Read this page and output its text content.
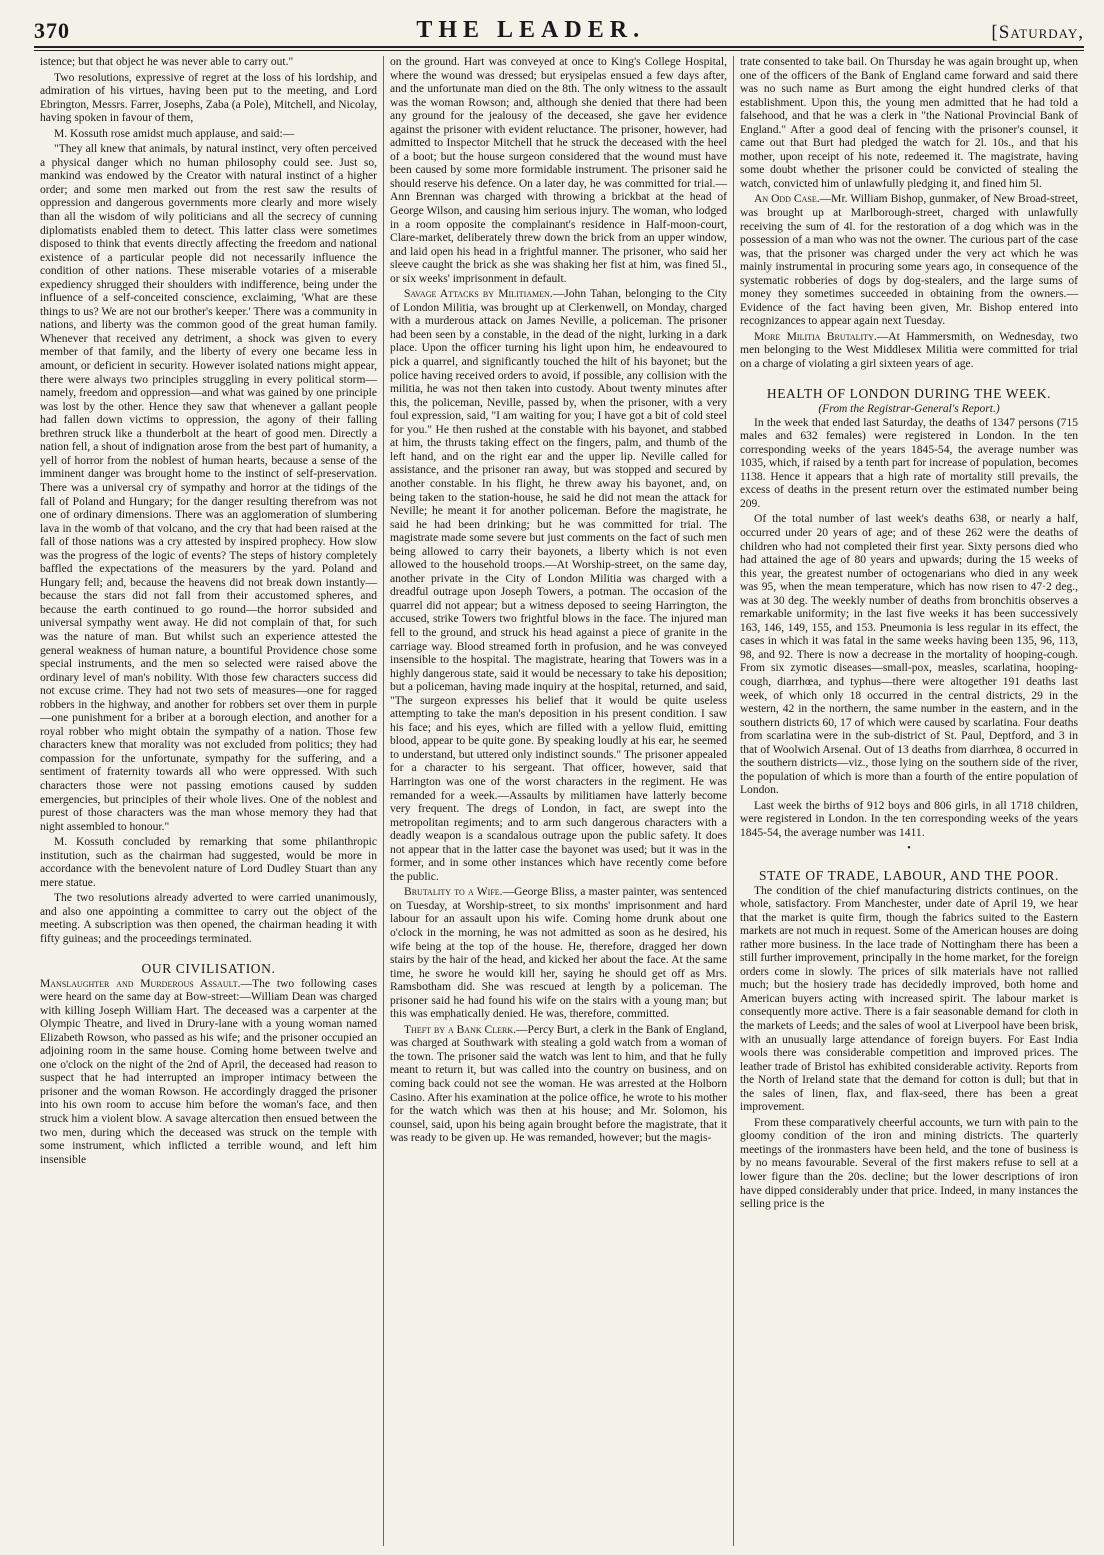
370	THE LEADER.	[Saturday,

istence; but that object he was never able to carry out."

Two resolutions, expressive of regret at the loss of his lordship, and admiration of his virtues, having been put to the meeting, and Lord Ebrington, Messrs. Farrer, Josephs, Zaba (a Pole), Mitchell, and Nicolay, having spoken in favour of them,

M. Kossuth rose amidst much applause, and said:—

"They all knew that animals, by natural instinct, very often perceived a physical danger which no human philosophy could see. Just so, mankind was endowed by the Creator with natural instinct of a higher order; and some men marked out from the rest saw the results of oppression and dangerous governments more clearly and more wisely than all the wisdom of wily politicians and all the secrecy of cunning diplomatists enabled them to detect. This latter class were sometimes disposed to think that events directly affecting the freedom and national existence of a particular people did not necessarily influence the condition of other nations. These miserable votaries of a miserable expediency shrugged their shoulders with indifference, being under the influence of a self-conceited conscience, exclaiming, 'What are these things to us? We are not our brother's keeper.' There was a community in nations, and liberty was the common good of the great human family. Whenever that received any detriment, a shock was given to every member of that family, and the liberty of every one became less in amount, or deficient in security. However isolated nations might appear, there were always two principles struggling in every political storm—namely, freedom and oppression—and what was gained by one principle was lost by the other. Hence they saw that whenever a gallant people had fallen down victims to oppression, the agony of their falling brethren struck like a thunderbolt at the heart of good men. Directly a nation fell, a shout of indignation arose from the best part of humanity, a yell of horror from the noblest of human hearts, because a sense of the imminent danger was brought home to the instinct of self-preservation. There was a universal cry of sympathy and horror at the tidings of the fall of Poland and Hungary; for the danger resulting therefrom was not one of ordinary dimensions. There was an agglomeration of slumbering lava in the womb of that volcano, and the cry that had been raised at the fall of those nations was a cry attested by inspired prophecy. How slow was the progress of the logic of events? The steps of history completely baffled the expectations of the measurers by the yard. Poland and Hungary fell; and, because the heavens did not break down instantly—because the stars did not fall from their accustomed spheres, and because the earth continued to go round—the horror subsided and universal sympathy went away. He did not complain of that, for such was the nature of man. But whilst such an experience attested the general weakness of human nature, a bountiful Providence chose some special instruments, and the men so selected were raised above the ordinary level of man's nobility. With those few characters success did not excuse crime. They had not two sets of measures—one for ragged robbers in the highway, and another for robbers set over them in purple—one punishment for a briber at a borough election, and another for a royal robber who might obtain the sympathy of a nation. Those few characters knew that morality was not excluded from politics; they had compassion for the unfortunate, sympathy for the suffering, and a sentiment of fraternity towards all who were oppressed. With such characters those were not passing emotions caused by sudden emergencies, but principles of their whole lives. One of the noblest and purest of those characters was the man whose memory they had that night assembled to honour."

M. Kossuth concluded by remarking that some philanthropic institution, such as the chairman had suggested, would be more in accordance with the benevolent nature of Lord Dudley Stuart than any mere statue.

The two resolutions already adverted to were carried unanimously, and also one appointing a committee to carry out the object of the meeting. A subscription was then opened, the chairman heading it with fifty guineas; and the proceedings terminated.

OUR CIVILISATION.

Manslaughter and Murderous Assault.—The two following cases were heard on the same day at Bow-street:—William Dean was charged with killing Joseph William Hart. The deceased was a carpenter at the Olympic Theatre, and lived in Drury-lane with a young woman named Elizabeth Rowson, who passed as his wife; and the prisoner occupied an adjoining room in the same house. Coming home between twelve and one o'clock on the night of the 2nd of April, the deceased had reason to suspect that he had interrupted an improper intimacy between the prisoner and the woman Rowson. He accordingly dragged the prisoner into his own room to accuse him before the woman's face, and then struck him a violent blow. A savage altercation then ensued between the two men, during which the deceased was struck on the temple with some instrument, which inflicted a terrible wound, and left him insensible

on the ground. Hart was conveyed at once to King's College Hospital, where the wound was dressed; but erysipelas ensued a few days after, and the unfortunate man died on the 8th. The only witness to the assault was the woman Rowson; and, although she denied that there had been any ground for the jealousy of the deceased, she gave her evidence against the prisoner with evident reluctance. The prisoner, however, had admitted to Inspector Mitchell that he struck the deceased with the heel of a boot; but the house surgeon considered that the wound must have been caused by some more formidable instrument. The prisoner said he should reserve his defence. On a later day, he was committed for trial.—Ann Brennan was charged with throwing a brickbat at the head of George Wilson, and causing him serious injury. The woman, who lodged in a room opposite the complainant's residence in Half-moon-court, Clare-market, deliberately threw down the brick from an upper window, and laid open his head in a frightful manner. The prisoner, who said her sleeve caught the brick as she was shaking her fist at him, was fined 5l., or six weeks' imprisonment in default.

Savage Attacks by Militiamen.—John Tahan, belonging to the City of London Militia, was brought up at Clerkenwell, on Monday, charged with a murderous attack on James Neville, a policeman. The prisoner had been seen by a constable, in the dead of the night, lurking in a dark place. Upon the officer turning his light upon him, he endeavoured to pick a quarrel, and significantly touched the hilt of his bayonet; but the police having received orders to avoid, if possible, any collision with the militia, he was not then taken into custody. About twenty minutes after this, the policeman, Neville, passed by, when the prisoner, with a very foul expression, said, "I am waiting for you; I have got a bit of cold steel for you." He then rushed at the constable with his bayonet, and stabbed at him, the thrusts taking effect on the fingers, palm, and thumb of the left hand, and on the right ear and the upper lip. Neville called for assistance, and the prisoner ran away, but was stopped and secured by another constable. In his flight, he threw away his bayonet, and, on being taken to the station-house, he said he did not mean the attack for Neville; he meant it for another policeman. Before the magistrate, he said he had been drinking; but he was committed for trial. The magistrate made some severe but just comments on the fact of such men being allowed to carry their bayonets, a liberty which is not even allowed to the household troops.—At Worship-street, on the same day, another private in the City of London Militia was charged with a dreadful outrage upon Joseph Towers, a potman. The occasion of the quarrel did not appear; but a witness deposed to seeing Harrington, the accused, strike Towers two frightful blows in the face. The injured man fell to the ground, and struck his head against a piece of granite in the carriage way. Blood streamed forth in profusion, and he was conveyed insensible to the hospital. The magistrate, hearing that Towers was in a highly dangerous state, said it would be necessary to take his deposition; but a policeman, having made inquiry at the hospital, returned, and said, "The surgeon expresses his belief that it would be quite useless attempting to take the man's deposition in his present condition. I saw his face; and his eyes, which are filled with a yellow fluid, emitting blood, appear to be quite gone. By speaking loudly at his ear, he seemed to understand, but uttered only indistinct sounds." The prisoner appealed for a character to his sergeant. That officer, however, said that Harrington was one of the worst characters in the regiment. He was remanded for a week.—Assaults by militiamen have latterly become very frequent. The dregs of London, in fact, are swept into the metropolitan regiments; and to arm such dangerous characters with a deadly weapon is a scandalous outrage upon the public safety. It does not appear that in the latter case the bayonet was used; but it was in the former, and in some other instances which have recently come before the public.

Brutality to a Wife.—George Bliss, a master painter, was sentenced on Tuesday, at Worship-street, to six months' imprisonment and hard labour for an assault upon his wife. Coming home drunk about one o'clock in the morning, he was not admitted as soon as he desired, his wife being at the top of the house. He, therefore, dragged her down stairs by the hair of the head, and kicked her about the face. At the same time, he swore he would kill her, saying he should get off as Mrs. Ramsbotham did. She was rescued at length by a policeman. The prisoner said he had found his wife on the stairs with a young man; but this was emphatically denied. He was, therefore, committed.

Theft by a Bank Clerk.—Percy Burt, a clerk in the Bank of England, was charged at Southwark with stealing a gold watch from a woman of the town. The prisoner said the watch was lent to him, and that he fully meant to return it, but was called into the country on business, and on coming back could not see the woman. He was arrested at the Holborn Casino. After his examination at the police office, he wrote to his mother for the watch which was then at his house; and Mr. Solomon, his counsel, said, upon his being again brought before the magistrate, that it was ready to be given up. He was remanded, however; but the magis-

trate consented to take bail. On Thursday he was again brought up, when one of the officers of the Bank of England came forward and said there was no such name as Burt among the eight hundred clerks of that establishment. Upon this, the young men admitted that he had told a falsehood, and that he was a clerk in "the National Provincial Bank of England." After a good deal of fencing with the prisoner's counsel, it came out that Burt had pledged the watch for 2l. 10s., and that his mother, upon receipt of his note, redeemed it. The magistrate, having some doubt whether the prisoner could be convicted of stealing the watch, convicted him of unlawfully pledging it, and fined him 5l.

An Odd Case.—Mr. William Bishop, gunmaker, of New Broad-street, was brought up at Marlborough-street, charged with unlawfully receiving the sum of 4l. for the restoration of a dog which was in the possession of a man who was not the owner. The curious part of the case was, that the prisoner was charged under the very act which he was mainly instrumental in procuring some years ago, in consequence of the systematic robberies of dogs by dog-stealers, and the large sums of money they sometimes succeeded in obtaining from the owners.—Evidence of the fact having been given, Mr. Bishop entered into recognizances to appear again next Tuesday.

More Militia Brutality.—At Hammersmith, on Wednesday, two men belonging to the West Middlesex Militia were committed for trial on a charge of violating a girl sixteen years of age.

HEALTH OF LONDON DURING THE WEEK.
(From the Registrar-General's Report.)

In the week that ended last Saturday, the deaths of 1347 persons (715 males and 632 females) were registered in London. In the ten corresponding weeks of the years 1845-54, the average number was 1035, which, if raised by a tenth part for increase of population, becomes 1138. Hence it appears that a high rate of mortality still prevails, the excess of deaths in the present return over the estimated number being 209.

Of the total number of last week's deaths 638, or nearly a half, occurred under 20 years of age; and of these 262 were the deaths of children who had not completed their first year. Sixty persons died who had attained the age of 80 years and upwards; during the 15 weeks of this year, the greatest number of octogenarians who died in any week was 95, when the mean temperature, which has now risen to 47·2 deg., was at 30 deg. The weekly number of deaths from bronchitis observes a remarkable uniformity; in the last five weeks it has been successively 163, 146, 149, 155, and 153. Pneumonia is less regular in its effect, the cases in which it was fatal in the same weeks having been 135, 96, 113, 98, and 92. There is now a decrease in the mortality of hooping-cough. From six zymotic diseases—small-pox, measles, scarlatina, hooping-cough, diarrhœa, and typhus—there were altogether 191 deaths last week, of which only 18 occurred in the central districts, 29 in the western, 42 in the northern, the same number in the eastern, and in the southern districts 60, 17 of which were caused by scarlatina. Four deaths from scarlatina were in the sub-district of St. Paul, Deptford, and 3 in that of Woolwich Arsenal. Out of 13 deaths from diarrhœa, 8 occurred in the southern districts—viz., those lying on the southern side of the river, the population of which is more than a fourth of the entire population of London.

Last week the births of 912 boys and 806 girls, in all 1718 children, were registered in London. In the ten corresponding weeks of the years 1845-54, the average number was 1411.

•
STATE OF TRADE, LABOUR, AND THE POOR.

The condition of the chief manufacturing districts continues, on the whole, satisfactory. From Manchester, under date of April 19, we hear that the market is quite firm, though the fabrics suited to the Eastern markets are not much in request. Some of the American houses are doing rather more business. In the lace trade of Nottingham there has been a still further improvement, principally in the home market, for the foreign orders come in slowly. The prices of silk materials have not rallied much; but the hosiery trade has decidedly improved, both home and American buyers acting with increased spirit. The labour market is consequently more active. There is a fair seasonable demand for cloth in the markets of Leeds; and the sales of wool at Liverpool have been brisk, with an unusually large attendance of foreign buyers. For East India wools there was considerable competition and improved prices. The leather trade of Bristol has exhibited considerable activity. Reports from the North of Ireland state that the demand for cotton is dull; but that in the sales of linen, flax, and flax-seed, there has been a great improvement.

From these comparatively cheerful accounts, we turn with pain to the gloomy condition of the iron and mining districts. The quarterly meetings of the ironmasters have been held, and the tone of business is by no means favourable. Several of the first makers refuse to sell at a lower figure than the 20s. decline; but the lower descriptions of iron have dipped considerably under that price. Indeed, in many instances the selling price is the
